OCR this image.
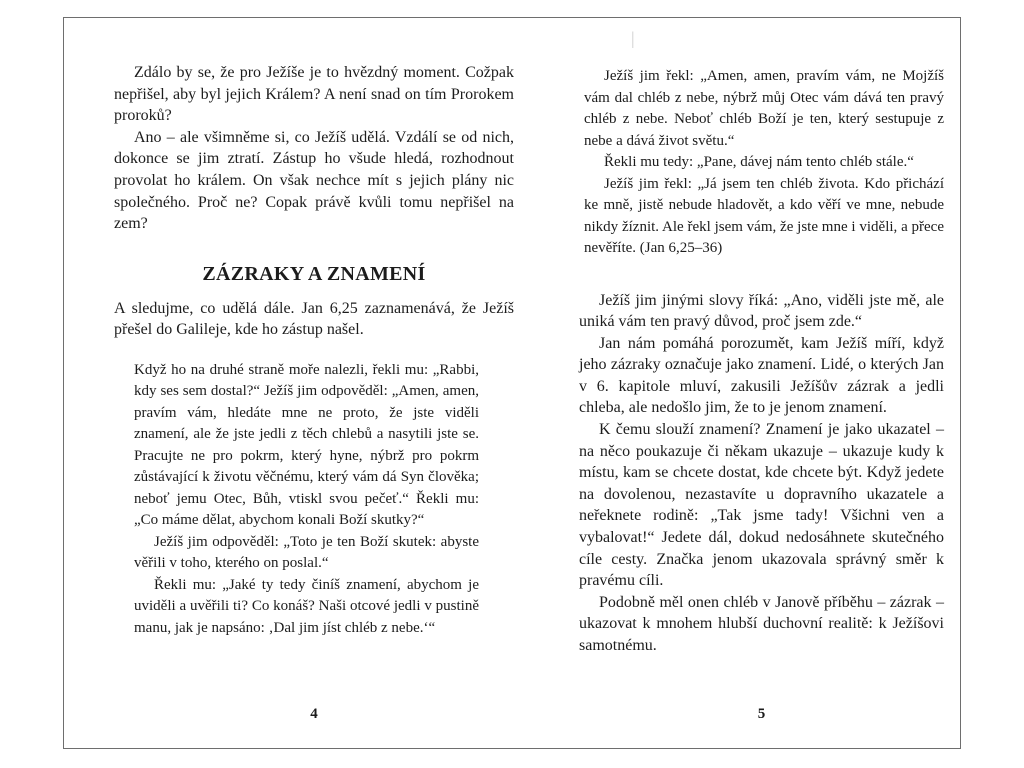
|

Zdálo by se, že pro Ježíše je to hvězdný moment. Cožpak nepřišel, aby byl jejich Králem? A není snad on tím Prorokem proroků?

Ano – ale všimněme si, co Ježíš udělá. Vzdálí se od nich, dokonce se jim ztratí. Zástup ho všude hledá, rozhodnout provolat ho králem. On však nechce mít s jejich plány nic společného. Proč ne? Copak právě kvůli tomu nepřišel na zem?

ZÁZRAKY A ZNAMENÍ

A sledujme, co udělá dále. Jan 6,25 zaznamenává, že Ježíš přešel do Galileje, kde ho zástup našel.

Když ho na druhé straně moře nalezli, řekli mu: „Rabbi, kdy ses sem dostal?“ Ježíš jim odpověděl: „Amen, amen, pravím vám, hledáte mne ne proto, že jste viděli znamení, ale že jste jedli z těch chlebů a nasytili jste se. Pracujte ne pro pokrm, který hyne, nýbrž pro pokrm zůstávající k životu věčnému, který vám dá Syn člověka; neboť jemu Otec, Bůh, vtiskl svou pečeť.“ Řekli mu: „Co máme dělat, abychom konali Boží skutky?“

Ježíš jim odpověděl: „Toto je ten Boží skutek: abyste věřili v toho, kterého on poslal.“

Řekli mu: „Jaké ty tedy činíš znamení, abychom je uviděli a uvěřili ti? Co konáš? Naši otcové jedli v pustině manu, jak je napsáno: ‚Dal jim jíst chléb z nebe.‘“

4

Ježíš jim řekl: „Amen, amen, pravím vám, ne Mojžíš vám dal chléb z nebe, nýbrž můj Otec vám dává ten pravý chléb z nebe. Neboť chléb Boží je ten, který sestupuje z nebe a dává život světu.“

Řekli mu tedy: „Pane, dávej nám tento chléb stále.“

Ježíš jim řekl: „Já jsem ten chléb života. Kdo přichází ke mně, jistě nebude hladovět, a kdo věří ve mne, nebude nikdy žíznit. Ale řekl jsem vám, že jste mne i viděli, a přece nevěříte. (Jan 6,25–36)

Ježíš jim jinými slovy říká: „Ano, viděli jste mě, ale uniká vám ten pravý důvod, proč jsem zde.“

Jan nám pomáhá porozumět, kam Ježíš míří, když jeho zázraky označuje jako znamení. Lidé, o kterých Jan v 6. kapitole mluví, zakusili Ježíšův zázrak a jedli chleba, ale nedošlo jim, že to je jenom znamení.

K čemu slouží znamení? Znamení je jako ukazatel – na něco poukazuje či někam ukazuje – ukazuje kudy k místu, kam se chcete dostat, kde chcete být. Když jedete na dovolenou, nezastavíte u dopravního ukazatele a neřeknete rodině: „Tak jsme tady! Všichni ven a vybalovat!“ Jedete dál, dokud nedosáhnete skutečného cíle cesty. Značka jenom ukazovala správný směr k pravému cíli.

Podobně měl onen chléb v Janově příběhu – zázrak – ukazovat k mnohem hlubší duchovní realitě: k Ježíšovi samotnému.

5
